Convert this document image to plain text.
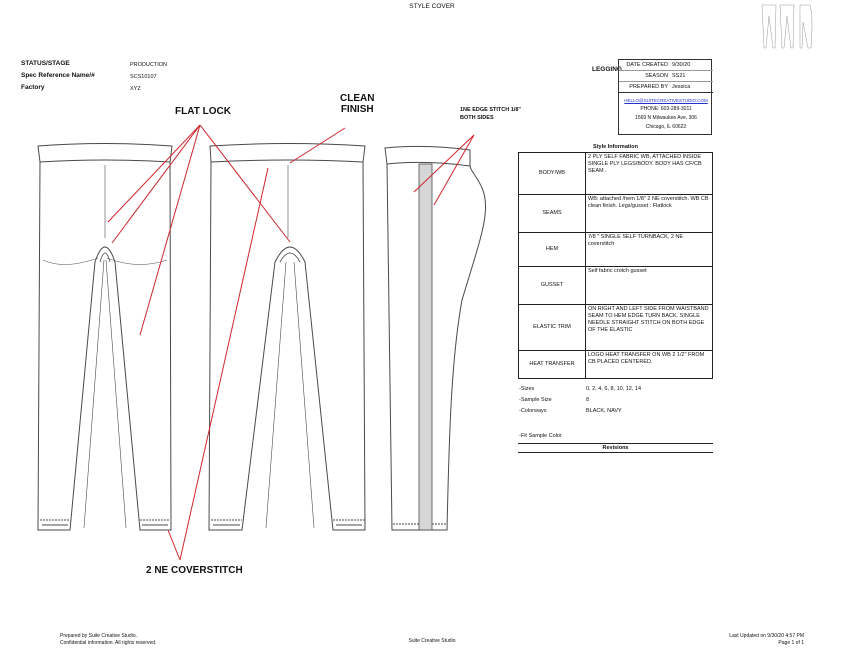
STYLE COVER
STATUS/STAGE	PRODUCTION
Spec Reference Name/#	SCS10107
Factory	XYZ
FLAT LOCK
CLEAN
FINISH	1NE EDGE STITCH 1/8"
BOTH SIDES
2 NE COVERSTITCH
LEGGING
DATE CREATED 9/30/20
SEASON SS21
PREPARED BY Jessica
HELLO@SUITECREATIVESTUDIO.COM
PHONE: 603-289-3011
1569 N Milwaukee Ave, 306
Chicago, IL 60622
Style Information
BODY/WB	2 PLY SELF FABRIC WB, ATTACHED INSIDE SINGLE PLY LEGS/BODY. BODY HAS CF/CB SEAM .
SEAMS	WB: attached /hem 1/8" 2 NE coverstitch. WB CB clean finish. Legs/gusset : Flatlock
HEM	7/8 " SINGLE SELF TURNBACK, 2 NE coverstitch
GUSSET	Self fabric crotch gusset
ELASTIC TRIM	ON RIGHT AND LEFT SIDE FROM WAISTBAND SEAM TO HEM EDGE TURN BACK. SINGLE NEEDLE STRAIGHT STITCH ON BOTH EDGE OF THE ELASTIC
HEAT TRANSFER	LOGO HEAT TRANSFER ON WB 2 1/2" FROM CB PLACED CENTERED.
-Sizes	0, 2, 4, 6, 8, 10, 12, 14
-Sample Size	8
-Colorways	BLACK, NAVY
-Fit Sample Color
Revisions
Prepared by Suite Creative Studio.
Confidential information. All rights reserved.	Suite Creative Studio
Last Updated on 9/30/20 4:57 PM
Page 1 of 1
